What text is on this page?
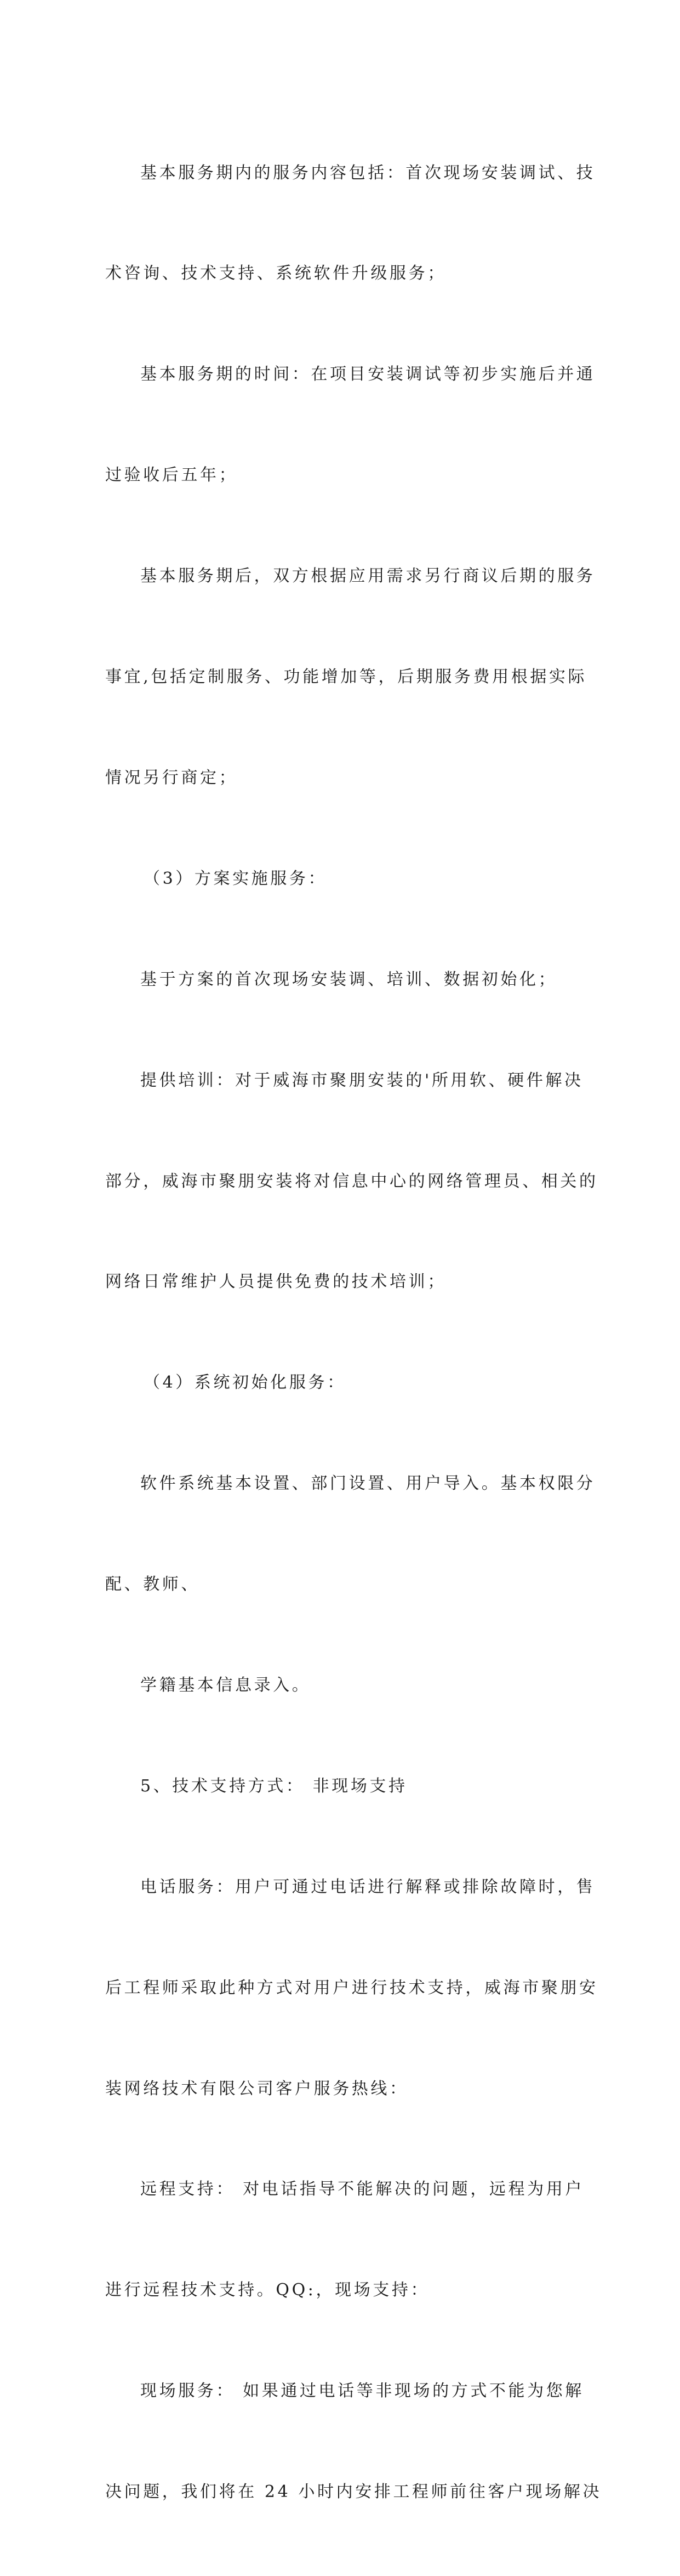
基本服务期内的服务内容包括：首次现场安装调试、技

术咨询、技术支持、系统软件升级服务；

基本服务期的时间：在项目安装调试等初步实施后并通

过验收后五年；

基本服务期后，双方根据应用需求另行商议后期的服务

事宜,包括定制服务、功能增加等，后期服务费用根据实际

情况另行商定；

（3）方案实施服务：

基于方案的首次现场安装调、培训、数据初始化；

提供培训：对于威海市聚朋安装的'所用软、硬件解决

部分，威海市聚朋安装将对信息中心的网络管理员、相关的

网络日常维护人员提供免费的技术培训；

（4）系统初始化服务：

软件系统基本设置、部门设置、用户导入。基本权限分

配、教师、

学籍基本信息录入。

5、技术支持方式： 非现场支持

电话服务：用户可通过电话进行解释或排除故障时，售

后工程师采取此种方式对用户进行技术支持，威海市聚朋安

装网络技术有限公司客户服务热线：

远程支持： 对电话指导不能解决的问题，远程为用户

进行远程技术支持。QQ:，现场支持：

现场服务： 如果通过电话等非现场的方式不能为您解

决问题，我们将在 24 小时内安排工程师前往客户现场解决
